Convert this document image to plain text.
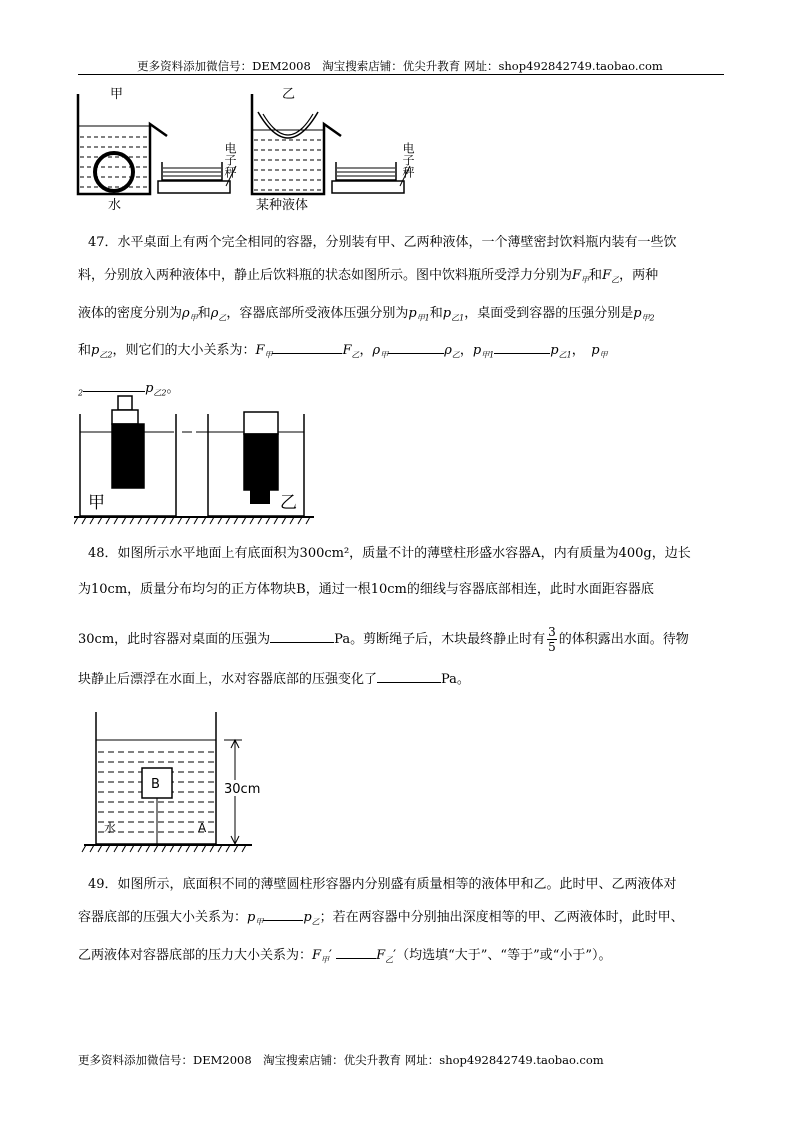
更多资料添加微信号：DEM2008　淘宝搜索店铺：优尖升教育 网址：shop492842749.taobao.com
甲
水
电子秤
乙
某种液体
电子秤
47．水平桌面上有两个完全相同的容器，分别装有甲、乙两种液体，一个薄壁密封饮料瓶内装有一些饮
料，分别放入两种液体中，静止后饮料瓶的状态如图所示。图中饮料瓶所受浮力分别为$F_甲$和$F_乙$，两种
液体的密度分别为$\rho_甲$和$\rho_乙$，容器底部所受液体压强分别为$p_{甲1}$和$p_{乙1}$，桌面受到容器的压强分别是$p_{甲2}$
和$p_{乙2}$，则它们的大小关系为：$F_甲$	$F_乙$，$\rho_甲$	$\rho_乙$，$p_{甲1}$	$p_{乙1}$，　$p_甲$
$_2$	$p_{乙2}$。
甲	乙
48．如图所示水平地面上有底面积为300cm²，质量不计的薄壁柱形盛水容器A，内有质量为400g，边长
为10cm，质量分布均匀的正方体物块B，通过一根10cm的细线与容器底部相连，此时水面距容器底
30cm，此时容器对桌面的压强为	Pa。剪断绳子后，木块最终静止时有 $\frac{3}{5}$ 的体积露出水面。待物
块静止后漂浮在水面上，水对容器底部的压强变化了	Pa。
B
水	A
30cm
49．如图所示，底面积不同的薄壁圆柱形容器内分别盛有质量相等的液体甲和乙。此时甲、乙两液体对
容器底部的压强大小关系为：$p_甲$	$p_乙$；若在两容器中分别抽出深度相等的甲、乙两液体时，此时甲、
乙两液体对容器底部的压力大小关系为：$F_甲'$	$F_乙'$（均选填“大于”、“等于”或“小于”）。
更多资料添加微信号：DEM2008　淘宝搜索店铺：优尖升教育 网址：shop492842749.taobao.com
